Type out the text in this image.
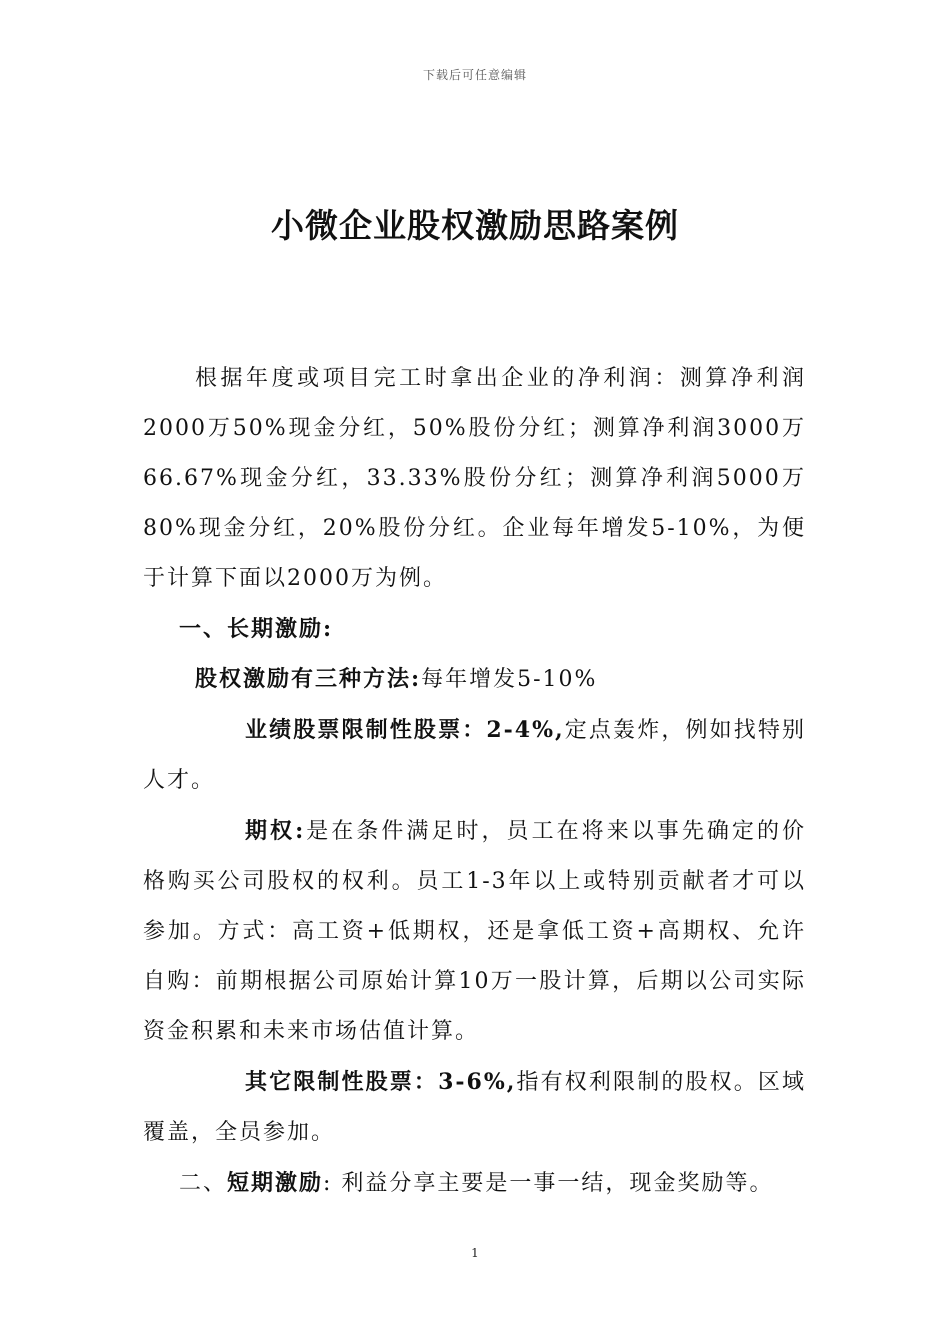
下载后可任意编辑
小微企业股权激励思路案例

根据年度或项目完工时拿出企业的净利润：测算净利润2000万50%现金分红，50%股份分红；测算净利润3000万66.67%现金分红，33.33%股份分红；测算净利润5000万80%现金分红，20%股份分红。企业每年增发5-10%，为便于计算下面以2000万为例。

一、长期激励:

股权激励有三种方法:每年增发5-10%

业绩股票限制性股票：2-4%,定点轰炸，例如找特别人才。

期权:是在条件满足时，员工在将来以事先确定的价格购买公司股权的权利。员工1-3年以上或特别贡献者才可以参加。方式：高工资+低期权，还是拿低工资+高期权、允许自购：前期根据公司原始计算10万一股计算，后期以公司实际资金积累和未来市场估值计算。

其它限制性股票：3-6%,指有权利限制的股权。区域覆盖，全员参加。

二、短期激励: 利益分享主要是一事一结，现金奖励等。

1
